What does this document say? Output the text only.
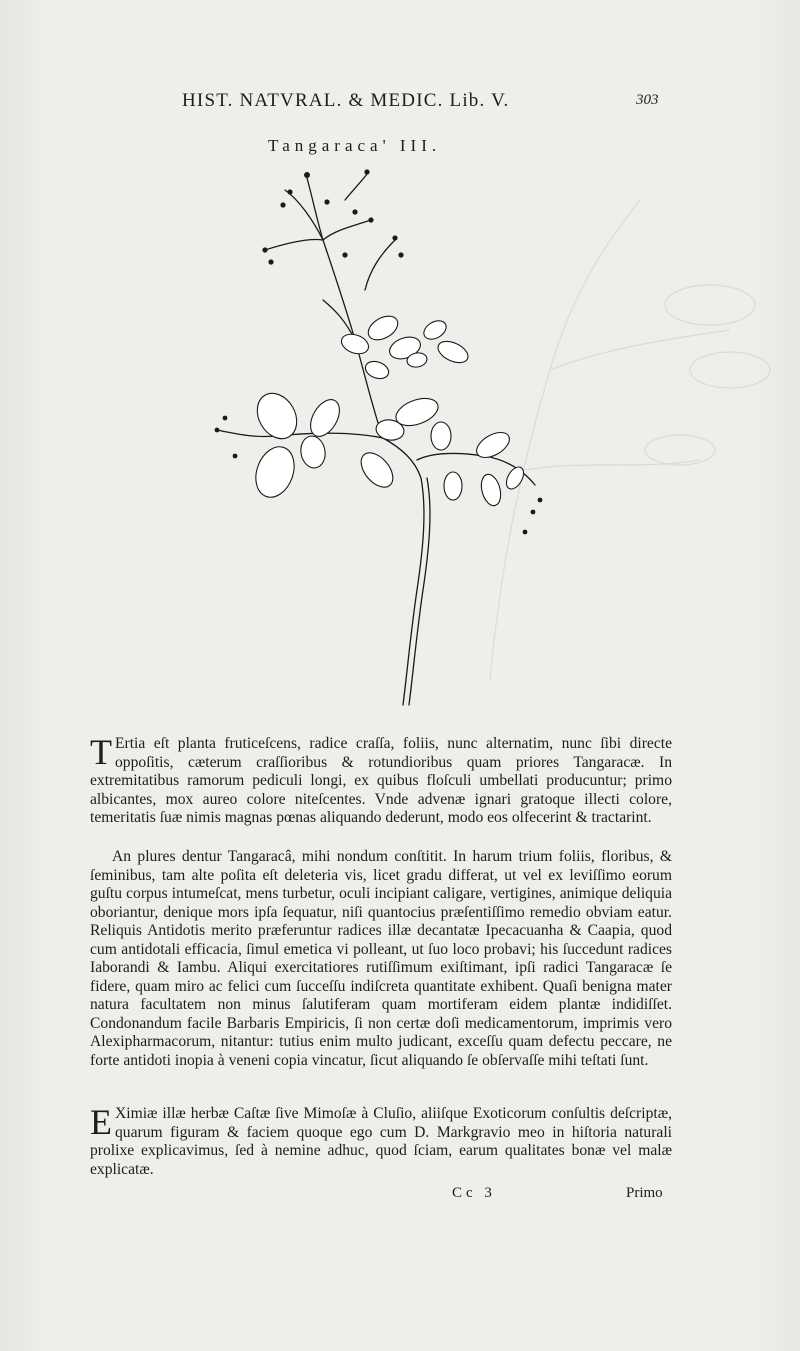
HIST. NATVRAL. & MEDIC. Lib. V.	303
Tangaraca' III.
T Ertia eſt planta fruticeſcens, radice craſſa, foliis, nunc alternatim, nunc ſibi directe oppoſitis, cæterum craſſioribus & rotundioribus quam priores Tangaracæ. In extremitatibus ramorum pediculi longi, ex quibus floſculi umbellati producuntur; primo albicantes, mox aureo colore niteſcentes. Vnde advenæ ignari gratoque illecti colore, temeritatis ſuæ nimis magnas pœnas aliquando dederunt, modo eos olfecerint & tractarint.
An plures dentur Tangaracâ, mihi nondum conſtitit. In harum trium foliis, floribus, & ſeminibus, tam alte poſita eſt deleteria vis, licet gradu differat, ut vel ex leviſſimo eorum guſtu corpus intumeſcat, mens turbetur, oculi incipiant caligare, vertigines, animique deliquia oboriantur, denique mors ipſa ſequatur, niſi quantocius præſentiſſimo remedio obviam eatur. Reliquis Antidotis merito præferuntur radices illæ decantatæ Ipecacuanha & Caapia, quod cum antidotali efficacia, ſimul emetica vi polleant, ut ſuo loco probavi; his ſuccedunt radices Iaborandi & Iambu. Aliqui exercitatiores rutiſſimum exiſtimant, ipſi radici Tangaracæ ſe fidere, quam miro ac felici cum ſucceſſu indiſcreta quantitate exhibent. Quaſi benigna mater natura facultatem non minus ſalutiferam quam mortiferam eidem plantæ indidiſſet. Condonandum facile Barbaris Empiricis, ſi non certæ doſi medicamentorum, imprimis vero Alexipharmacorum, nitantur: tutius enim multo judicant, exceſſu quam defectu peccare, ne forte antidoti inopia à veneni copia vincatur, ſicut aliquando ſe obſervaſſe mihi teſtati ſunt.
E Ximiæ illæ herbæ Caſtæ ſive Mimoſæ à Cluſio, aliiſque Exoticorum conſultis deſcriptæ, quarum figuram & faciem quoque ego cum D. Markgravio meo in hiſtoria naturali prolixe explicavimus, ſed à nemine adhuc, quod ſciam, earum qualitates bonæ vel malæ explicatæ.
Cc 3	Primo
